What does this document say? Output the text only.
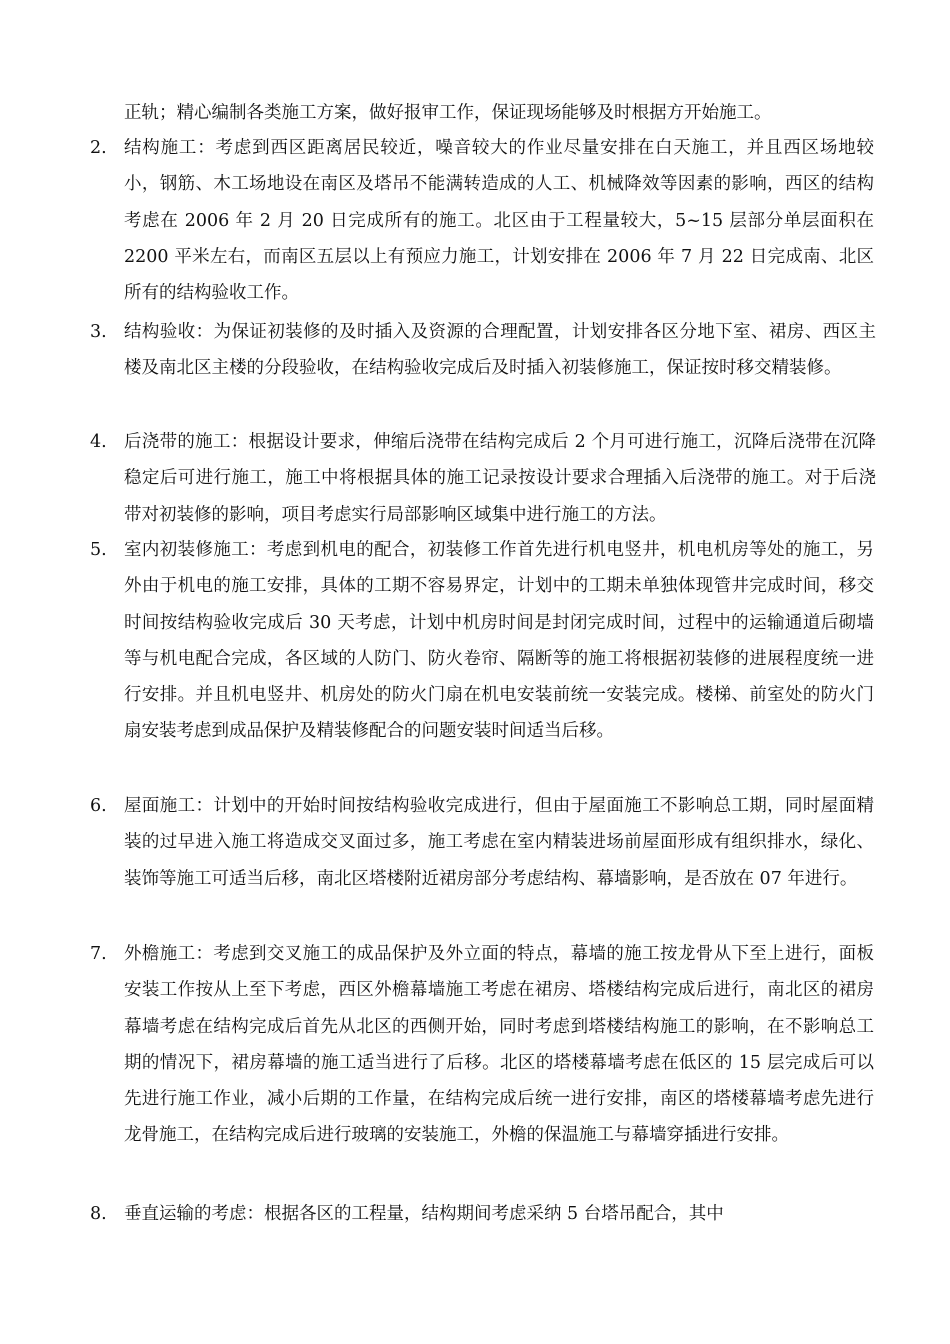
正轨；精心编制各类施工方案，做好报审工作，保证现场能够及时根据方开始施工。
2. 结构施工：考虑到西区距离居民较近，噪音较大的作业尽量安排在白天施工，并且西区场地较小，钢筋、木工场地设在南区及塔吊不能满转造成的人工、机械降效等因素的影响，西区的结构考虑在 2006 年 2 月 20 日完成所有的施工。北区由于工程量较大，5~15 层部分单层面积在 2200 平米左右，而南区五层以上有预应力施工，计划安排在 2006 年 7 月 22 日完成南、北区所有的结构验收工作。
3. 结构验收：为保证初装修的及时插入及资源的合理配置，计划安排各区分地下室、裙房、西区主楼及南北区主楼的分段验收，在结构验收完成后及时插入初装修施工，保证按时移交精装修。
4. 后浇带的施工：根据设计要求，伸缩后浇带在结构完成后 2 个月可进行施工，沉降后浇带在沉降稳定后可进行施工，施工中将根据具体的施工记录按设计要求合理插入后浇带的施工。对于后浇带对初装修的影响，项目考虑实行局部影响区域集中进行施工的方法。
5. 室内初装修施工：考虑到机电的配合，初装修工作首先进行机电竖井，机电机房等处的施工，另外由于机电的施工安排，具体的工期不容易界定，计划中的工期未单独体现管井完成时间，移交时间按结构验收完成后 30 天考虑，计划中机房时间是封闭完成时间，过程中的运输通道后砌墙等与机电配合完成，各区域的人防门、防火卷帘、隔断等的施工将根据初装修的进展程度统一进行安排。并且机电竖井、机房处的防火门扇在机电安装前统一安装完成。楼梯、前室处的防火门扇安装考虑到成品保护及精装修配合的问题安装时间适当后移。
6. 屋面施工：计划中的开始时间按结构验收完成进行，但由于屋面施工不影响总工期，同时屋面精装的过早进入施工将造成交叉面过多，施工考虑在室内精装进场前屋面形成有组织排水，绿化、装饰等施工可适当后移，南北区塔楼附近裙房部分考虑结构、幕墙影响，是否放在 07 年进行。
7. 外檐施工：考虑到交叉施工的成品保护及外立面的特点，幕墙的施工按龙骨从下至上进行，面板安装工作按从上至下考虑，西区外檐幕墙施工考虑在裙房、塔楼结构完成后进行，南北区的裙房幕墙考虑在结构完成后首先从北区的西侧开始，同时考虑到塔楼结构施工的影响，在不影响总工期的情况下，裙房幕墙的施工适当进行了后移。北区的塔楼幕墙考虑在低区的 15 层完成后可以先进行施工作业，减小后期的工作量，在结构完成后统一进行安排，南区的塔楼幕墙考虑先进行龙骨施工，在结构完成后进行玻璃的安装施工，外檐的保温施工与幕墙穿插进行安排。
8. 垂直运输的考虑：根据各区的工程量，结构期间考虑采纳 5 台塔吊配合，其中
